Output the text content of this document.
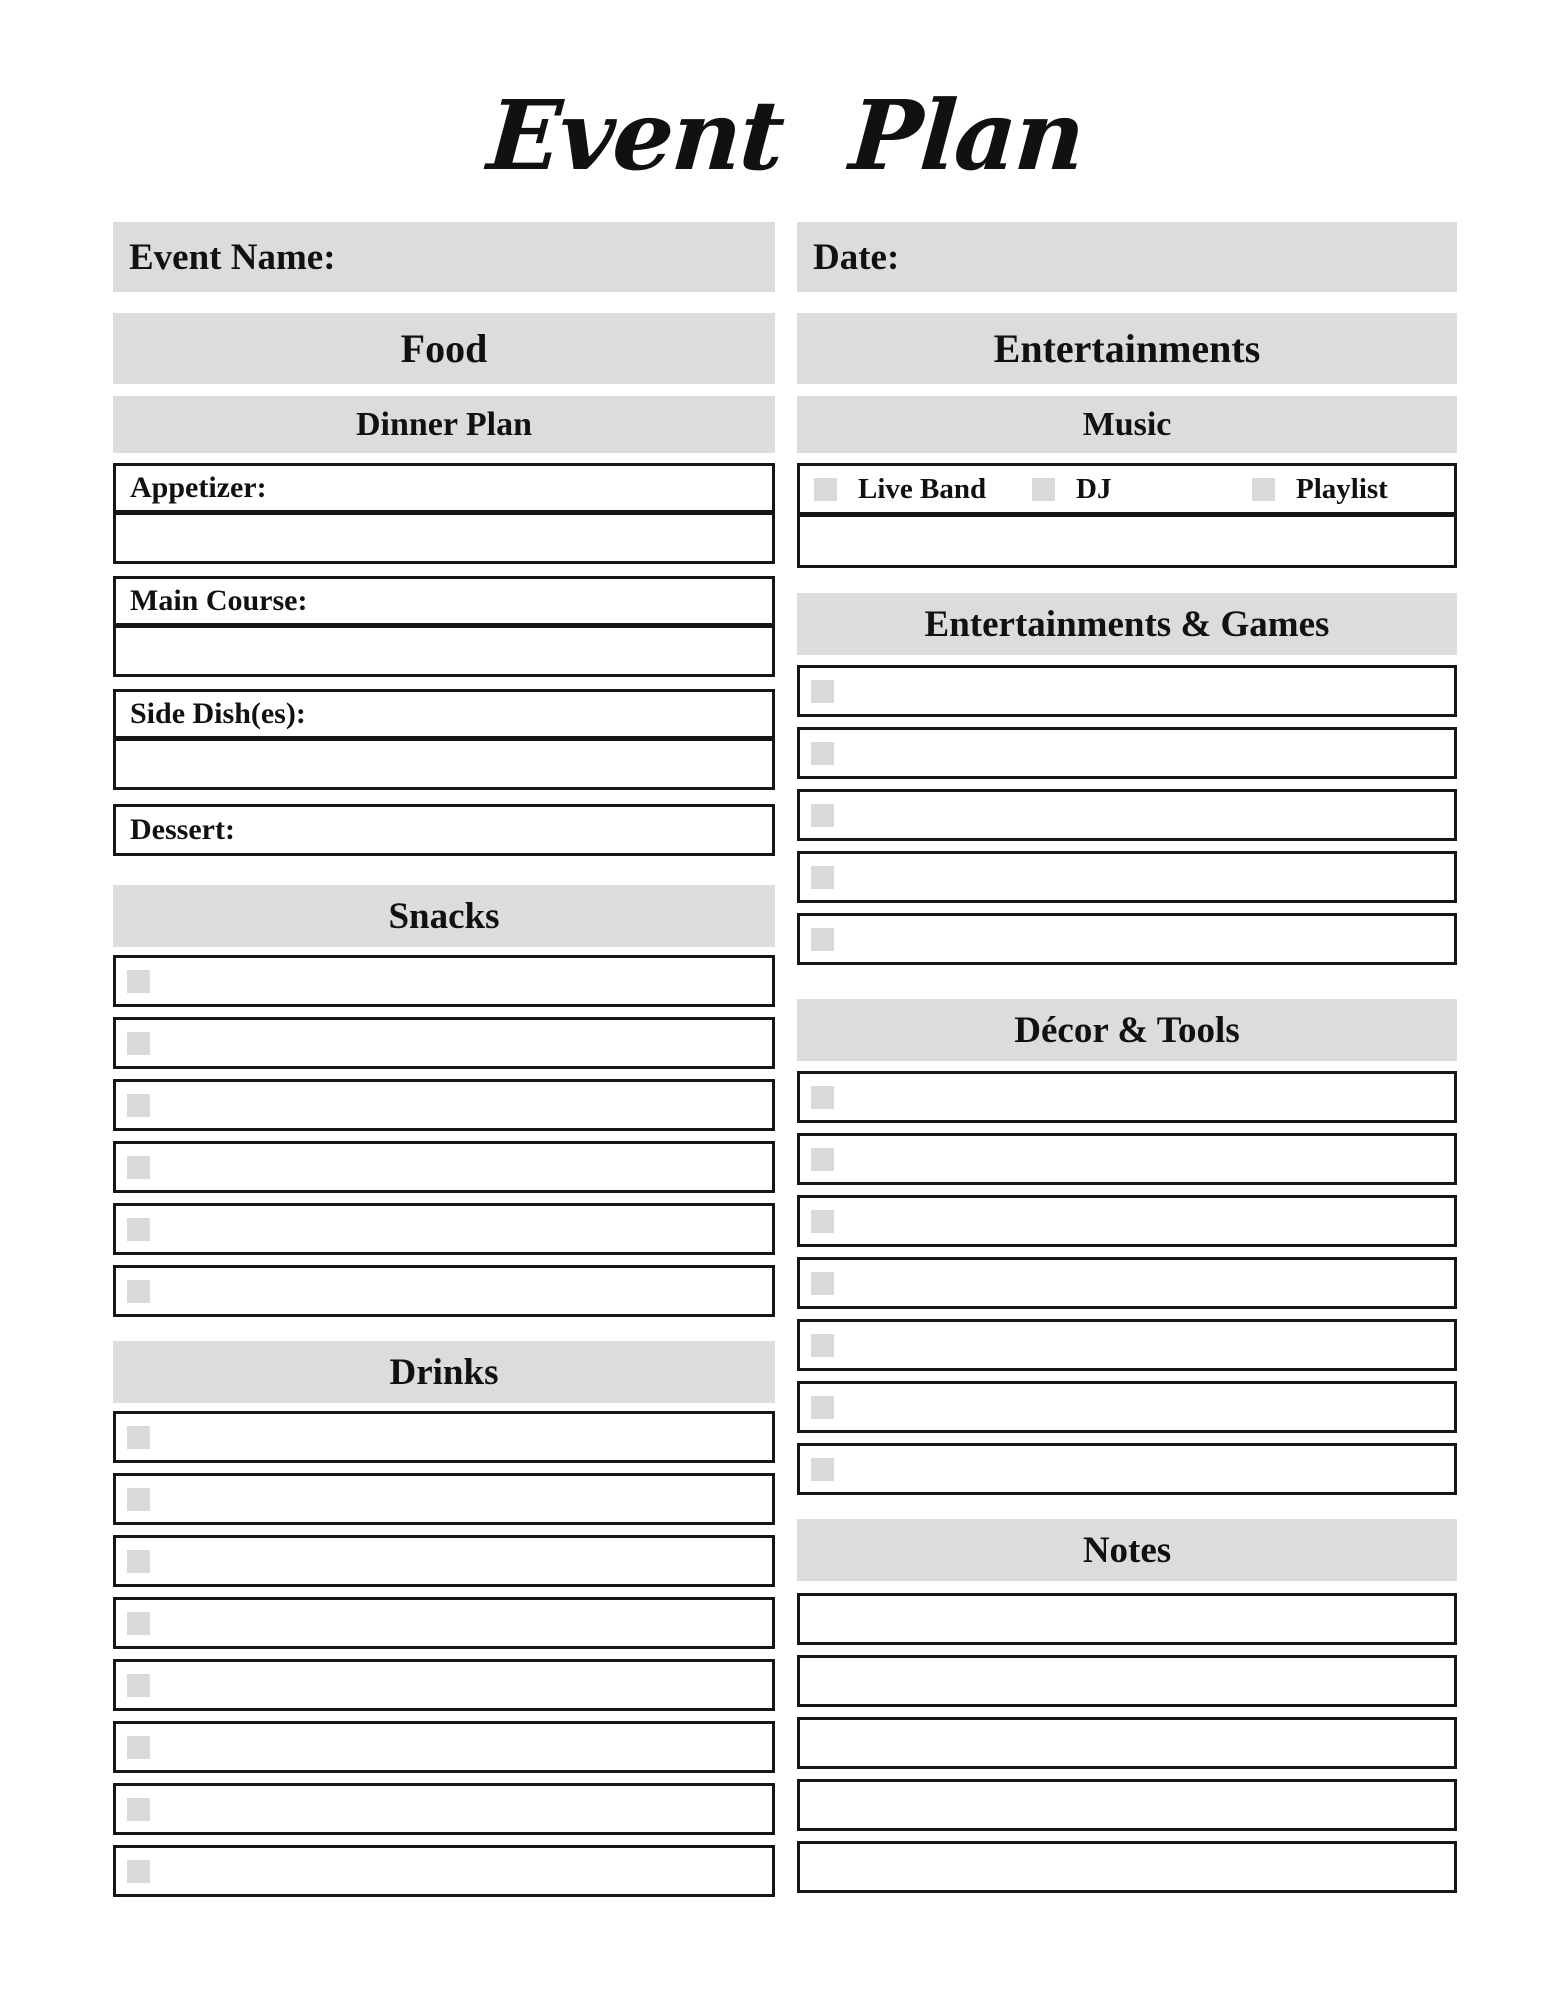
Event Plan
Event Name:
Food
Dinner Plan
Appetizer:
Main Course:
Side Dish(es):
Dessert:
Snacks
Drinks
Date:
Entertainments
Music
Live Band	DJ	Playlist
Entertainments & Games
Décor & Tools
Notes
